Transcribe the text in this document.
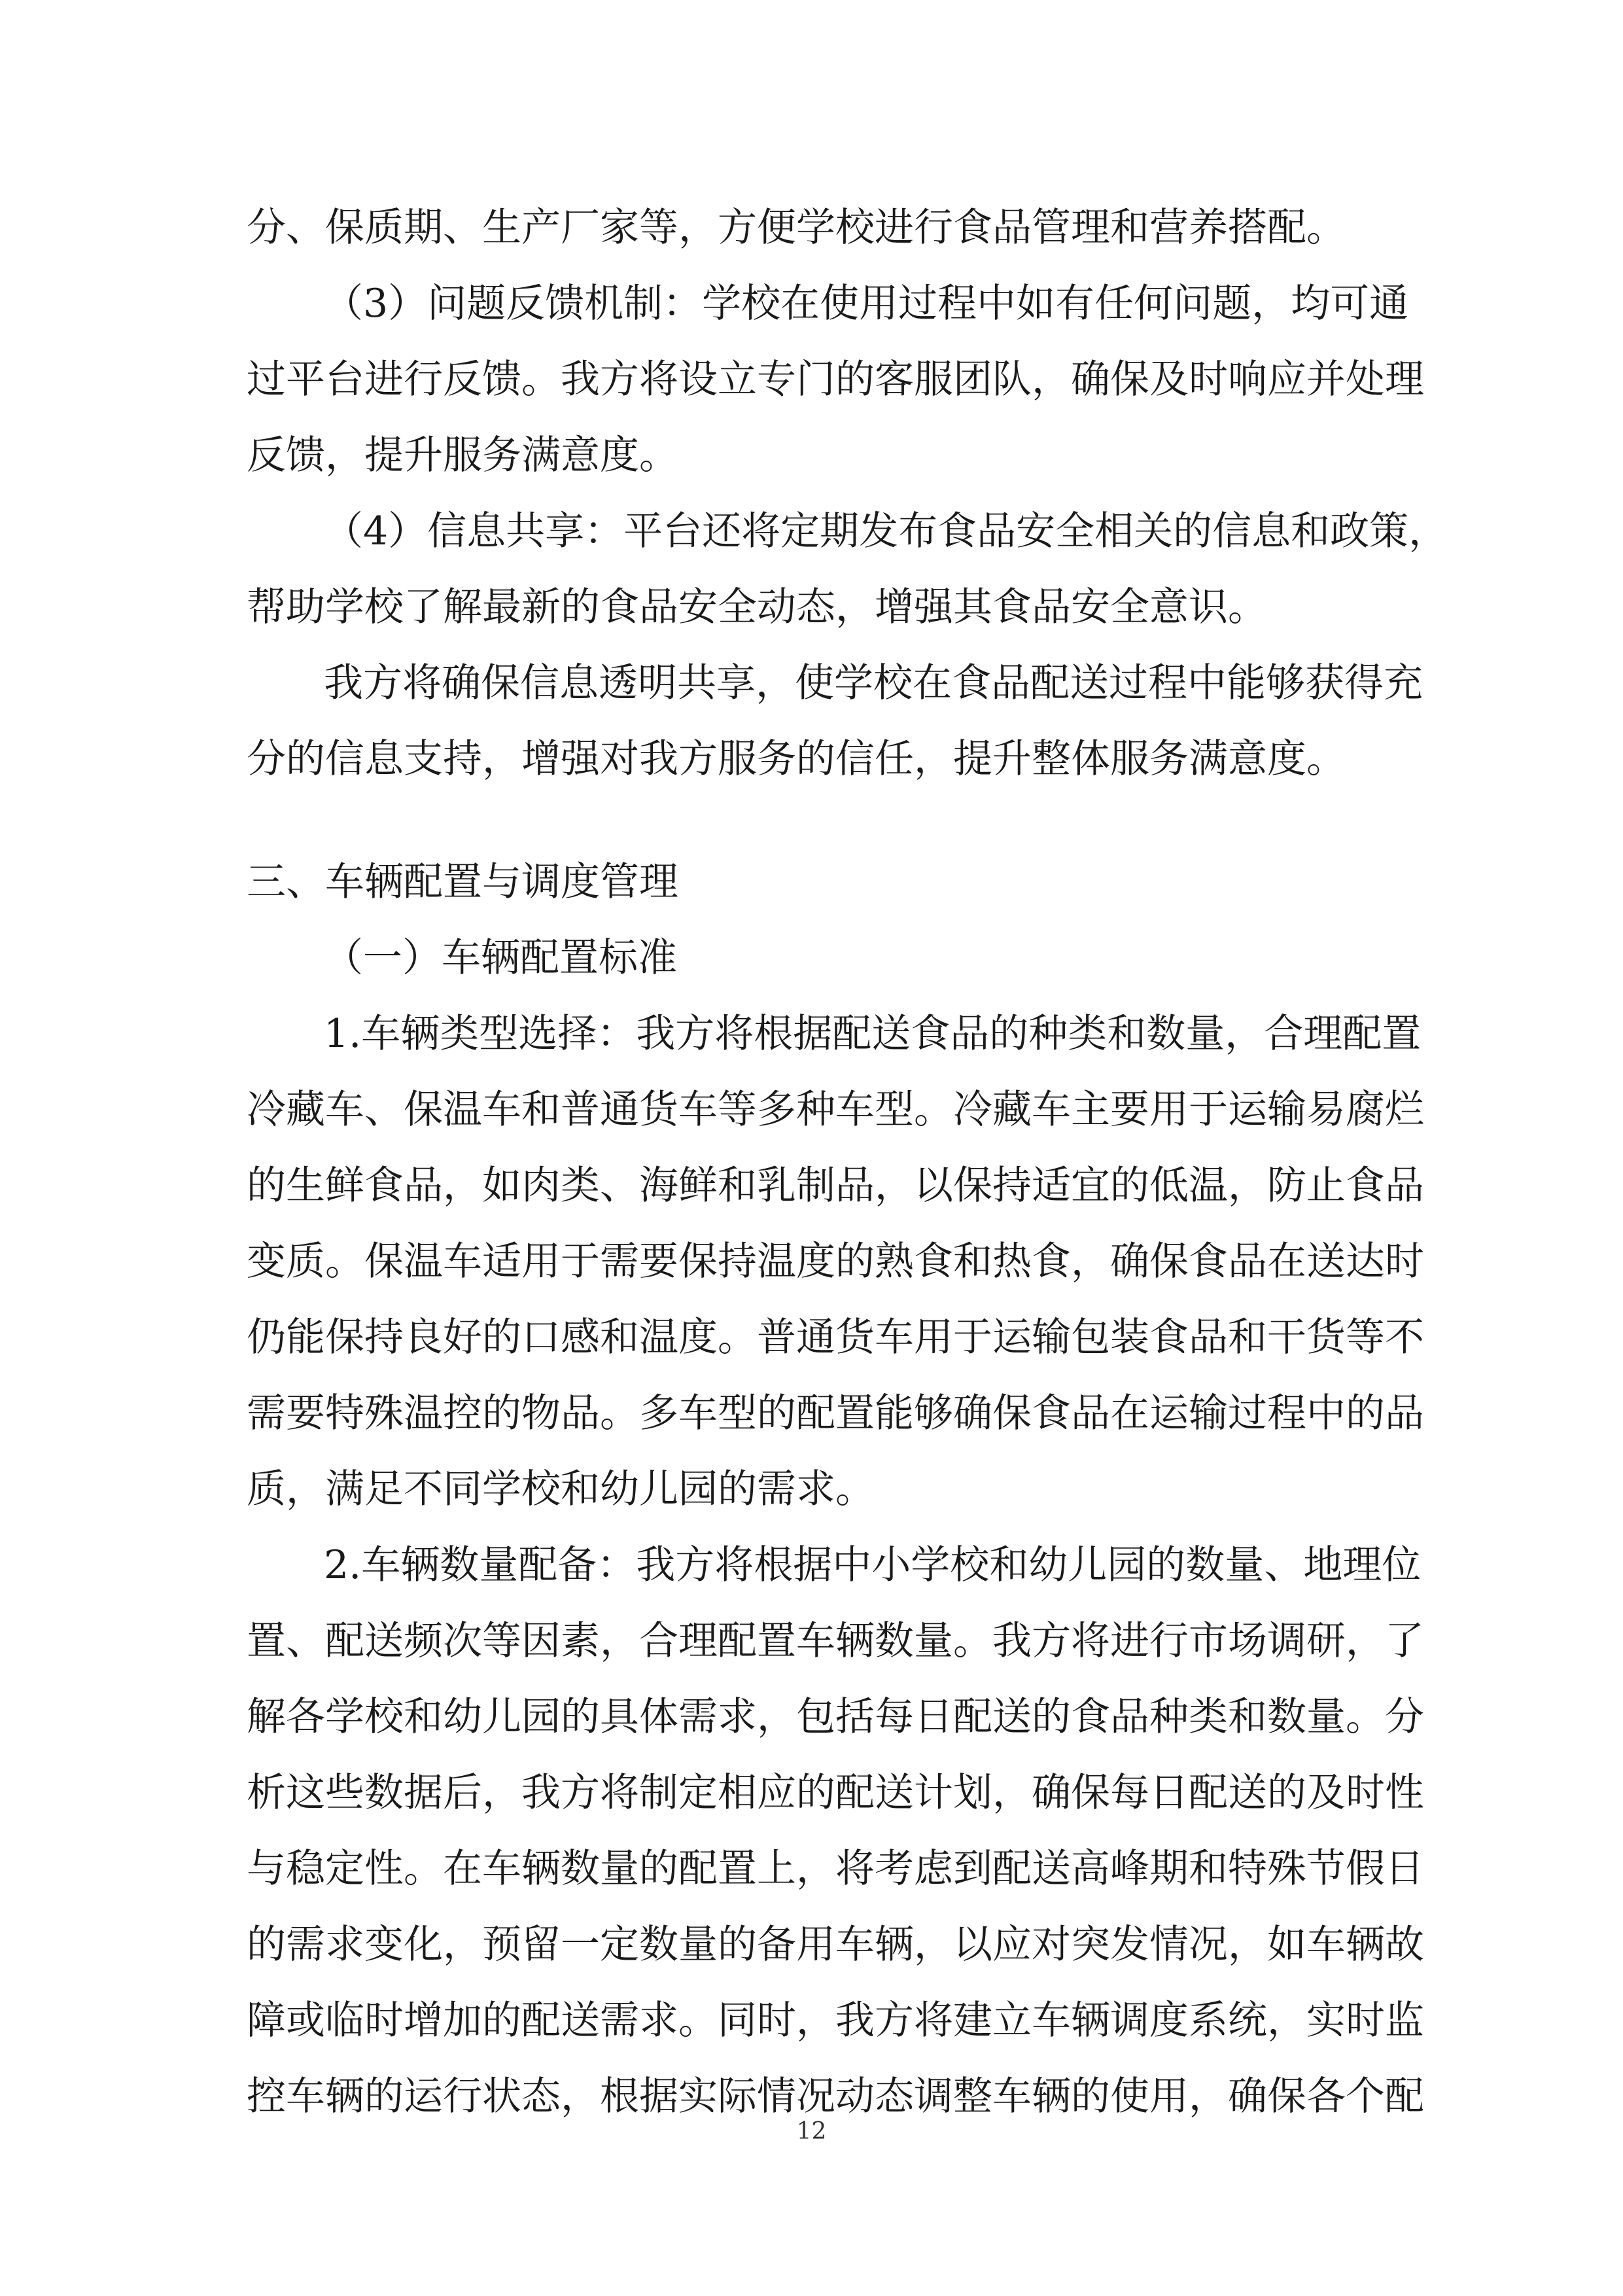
分、保质期、生产厂家等，方便学校进行食品管理和营养搭配。

（3）问题反馈机制：学校在使用过程中如有任何问题，均可通

过平台进行反馈。我方将设立专门的客服团队，确保及时响应并处理

反馈，提升服务满意度。

（4）信息共享：平台还将定期发布食品安全相关的信息和政策，

帮助学校了解最新的食品安全动态，增强其食品安全意识。

我方将确保信息透明共享，使学校在食品配送过程中能够获得充

分的信息支持，增强对我方服务的信任，提升整体服务满意度。

三、车辆配置与调度管理

（一）车辆配置标准

1.车辆类型选择：我方将根据配送食品的种类和数量，合理配置

冷藏车、保温车和普通货车等多种车型。冷藏车主要用于运输易腐烂

的生鲜食品，如肉类、海鲜和乳制品，以保持适宜的低温，防止食品

变质。保温车适用于需要保持温度的熟食和热食，确保食品在送达时

仍能保持良好的口感和温度。普通货车用于运输包装食品和干货等不

需要特殊温控的物品。多车型的配置能够确保食品在运输过程中的品

质，满足不同学校和幼儿园的需求。

2.车辆数量配备：我方将根据中小学校和幼儿园的数量、地理位

置、配送频次等因素，合理配置车辆数量。我方将进行市场调研，了

解各学校和幼儿园的具体需求，包括每日配送的食品种类和数量。分

析这些数据后，我方将制定相应的配送计划，确保每日配送的及时性

与稳定性。在车辆数量的配置上，将考虑到配送高峰期和特殊节假日

的需求变化，预留一定数量的备用车辆，以应对突发情况，如车辆故

障或临时增加的配送需求。同时，我方将建立车辆调度系统，实时监

控车辆的运行状态，根据实际情况动态调整车辆的使用，确保各个配

12
